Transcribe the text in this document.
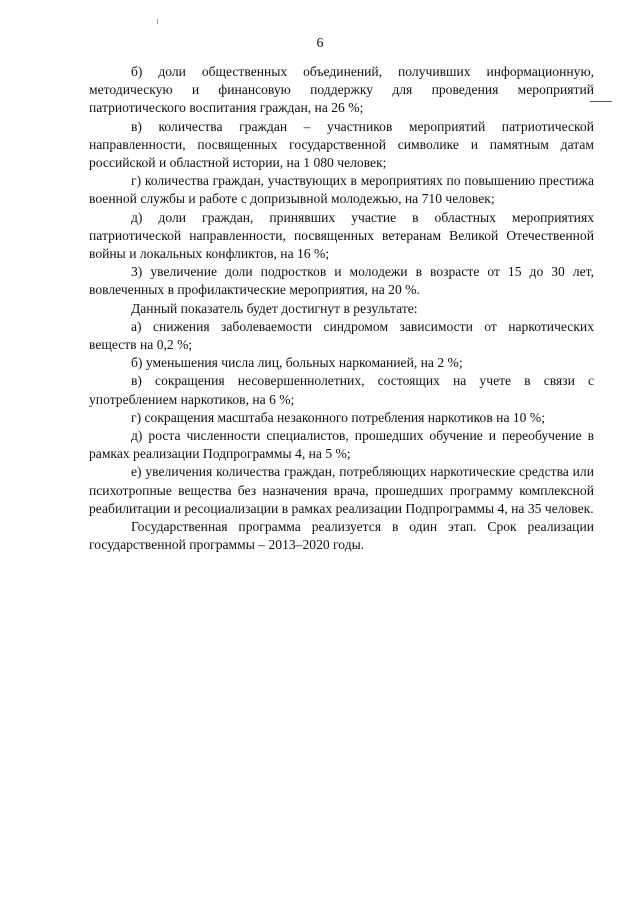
6

б) доли общественных объединений, получивших информационную, методическую и финансовую поддержку для проведения мероприятий патриотического воспитания граждан, на 26 %;

в) количества граждан – участников мероприятий патриотической направленности, посвященных государственной символике и памятным датам российской и областной истории, на 1 080 человек;

г) количества граждан, участвующих в мероприятиях по повышению престижа военной службы и работе с допризывной молодежью, на 710 человек;

д) доли граждан, принявших участие в областных мероприятиях патриотической направленности, посвященных ветеранам Великой Отечественной войны и локальных конфликтов, на 16 %;

3) увеличение доли подростков и молодежи в возрасте от 15 до 30 лет, вовлеченных в профилактические мероприятия, на 20 %.

Данный показатель будет достигнут в результате:

а) снижения заболеваемости синдромом зависимости от наркотических веществ на 0,2 %;

б) уменьшения числа лиц, больных наркоманией, на 2 %;

в) сокращения несовершеннолетних, состоящих на учете в связи с употреблением наркотиков, на 6 %;

г) сокращения масштаба незаконного потребления наркотиков на 10 %;

д) роста численности специалистов, прошедших обучение и переобучение в рамках реализации Подпрограммы 4, на 5 %;

е) увеличения количества граждан, потребляющих наркотические средства или психотропные вещества без назначения врача, прошедших программу комплексной реабилитации и ресоциализации в рамках реализации Подпрограммы 4, на 35 человек.

Государственная программа реализуется в один этап. Срок реализации государственной программы – 2013–2020 годы.
